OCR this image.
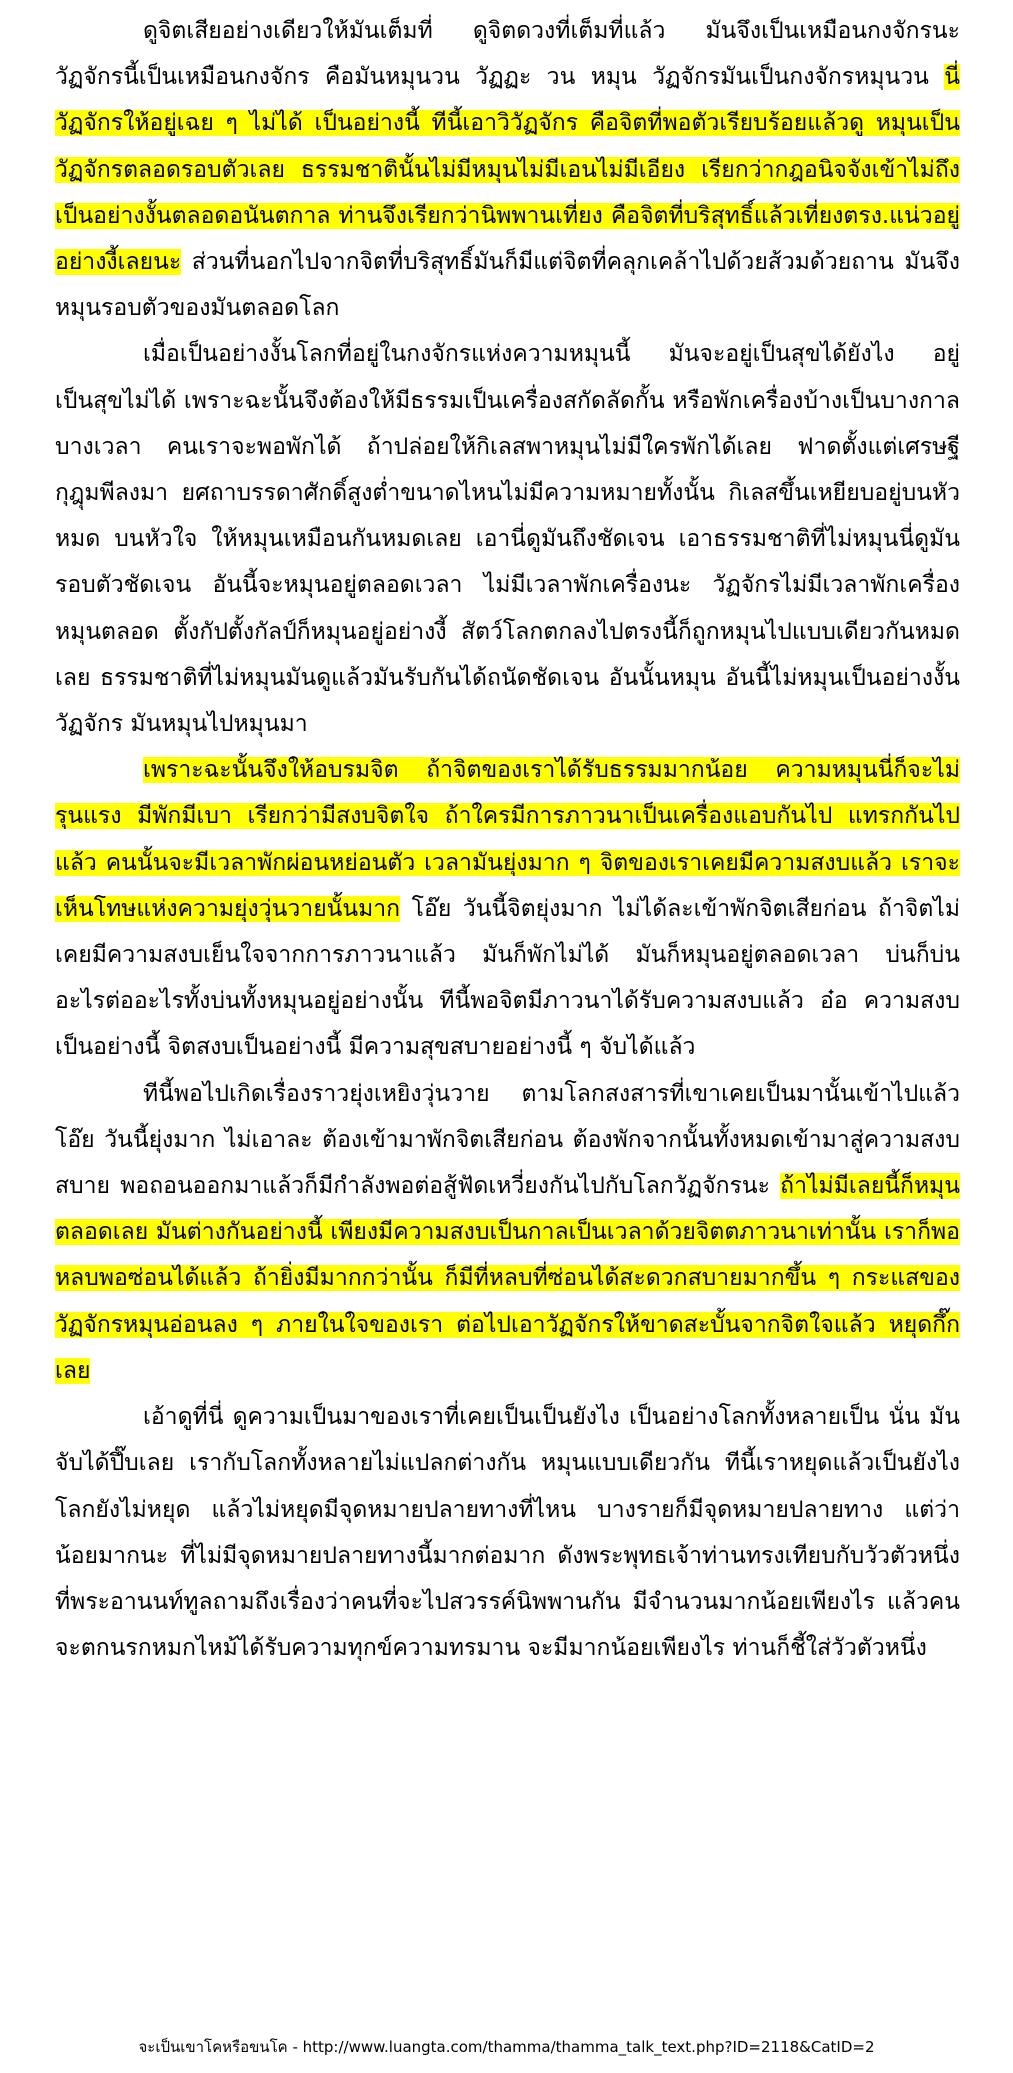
ดูจิตเสียอย่างเดียวให้มันเต็มที่ ดูจิตดวงที่เต็มที่แล้ว มันจึงเป็นเหมือนกงจักรนะ วัฏจักรนี้เป็นเหมือนกงจักร คือมันหมุนวน วัฏฏะ วน หมุน วัฏจักรมันเป็นกงจักรหมุนวน นี่วัฏจักรให้อยู่เฉย ๆ ไม่ได้ เป็นอย่างนี้ ทีนี้เอาวิวัฏจักร คือจิตที่พอตัวเรียบร้อยแล้วดู หมุนเป็นวัฏจักรตลอดรอบตัวเลย ธรรมชาตินั้นไม่มีหมุนไม่มีเอนไม่มีเอียง เรียกว่ากฎอนิจจังเข้าไม่ถึง เป็นอย่างงั้นตลอดอนันตกาล ท่านจึงเรียกว่านิพพานเที่ยง คือจิตที่บริสุทธิ์แล้วเที่ยงตรง.แน่วอยู่อย่างงี้เลยนะ ส่วนที่นอกไปจากจิตที่บริสุทธิ์มันก็มีแต่จิตที่คลุกเคล้าไปด้วยส้วมด้วยถาน มันจึงหมุนรอบตัวของมันตลอดโลก

เมื่อเป็นอย่างงั้นโลกที่อยู่ในกงจักรแห่งความหมุนนี้ มันจะอยู่เป็นสุขได้ยังไง อยู่เป็นสุขไม่ได้ เพราะฉะนั้นจึงต้องให้มีธรรมเป็นเครื่องสกัดลัดกั้น หรือพักเครื่องบ้างเป็นบางกาลบางเวลา คนเราจะพอพักได้ ถ้าปล่อยให้กิเลสพาหมุนไม่มีใครพักได้เลย ฟาดตั้งแต่เศรษฐีกุฎุมพีลงมา ยศถาบรรดาศักดิ์สูงต่ำขนาดไหนไม่มีความหมายทั้งนั้น กิเลสขึ้นเหยียบอยู่บนหัวหมด บนหัวใจ ให้หมุนเหมือนกันหมดเลย เอานี่ดูมันถึงชัดเจน เอาธรรมชาติที่ไม่หมุนนี่ดูมันรอบตัวชัดเจน อันนี้จะหมุนอยู่ตลอดเวลา ไม่มีเวลาพักเครื่องนะ วัฏจักรไม่มีเวลาพักเครื่องหมุนตลอด ตั้งกัปตั้งกัลป์ก็หมุนอยู่อย่างงี้ สัตว์โลกตกลงไปตรงนี้ก็ถูกหมุนไปแบบเดียวกันหมดเลย ธรรมชาติที่ไม่หมุนมันดูแล้วมันรับกันได้ถนัดชัดเจน อันนั้นหมุน อันนี้ไม่หมุนเป็นอย่างงั้นวัฏจักร มันหมุนไปหมุนมา

เพราะฉะนั้นจึงให้อบรมจิต ถ้าจิตของเราได้รับธรรมมากน้อย ความหมุนนี่ก็จะไม่รุนแรง มีพักมีเบา เรียกว่ามีสงบจิตใจ ถ้าใครมีการภาวนาเป็นเครื่องแอบกันไป แทรกกันไปแล้ว คนนั้นจะมีเวลาพักผ่อนหย่อนตัว เวลามันยุ่งมาก ๆ จิตของเราเคยมีความสงบแล้ว เราจะเห็นโทษแห่งความยุ่งวุ่นวายนั้นมาก โอ๊ย วันนี้จิตยุ่งมาก ไม่ได้ละเข้าพักจิตเสียก่อน ถ้าจิตไม่เคยมีความสงบเย็นใจจากการภาวนาแล้ว มันก็พักไม่ได้ มันก็หมุนอยู่ตลอดเวลา บ่นก็บ่น อะไรต่ออะไรทั้งบ่นทั้งหมุนอยู่อย่างนั้น ทีนี้พอจิตมีภาวนาได้รับความสงบแล้ว อ๋อ ความสงบเป็นอย่างนี้ จิตสงบเป็นอย่างนี้ มีความสุขสบายอย่างนี้ ๆ จับได้แล้ว

ทีนี้พอไปเกิดเรื่องราวยุ่งเหยิงวุ่นวาย ตามโลกสงสารที่เขาเคยเป็นมานั้นเข้าไปแล้ว โอ๊ย วันนี้ยุ่งมาก ไม่เอาละ ต้องเข้ามาพักจิตเสียก่อน ต้องพักจากนั้นทั้งหมดเข้ามาสู่ความสงบสบาย พอถอนออกมาแล้วก็มีกำลังพอต่อสู้ฟัดเหวี่ยงกันไปกับโลกวัฏจักรนะ ถ้าไม่มีเลยนี้ก็หมุนตลอดเลย มันต่างกันอย่างนี้ เพียงมีความสงบเป็นกาลเป็นเวลาด้วยจิตตภาวนาเท่านั้น เราก็พอหลบพอซ่อนได้แล้ว ถ้ายิ่งมีมากกว่านั้น ก็มีที่หลบที่ซ่อนได้สะดวกสบายมากขึ้น ๆ กระแสของวัฏจักรหมุนอ่อนลง ๆ ภายในใจของเรา ต่อไปเอาวัฏจักรให้ขาดสะบั้นจากจิตใจแล้ว หยุดกึ๊กเลย

เอ้าดูที่นี่ ดูความเป็นมาของเราที่เคยเป็นเป็นยังไง เป็นอย่างโลกทั้งหลายเป็น นั่น มันจับได้ปึ๊บเลย เรากับโลกทั้งหลายไม่แปลกต่างกัน หมุนแบบเดียวกัน ทีนี้เราหยุดแล้วเป็นยังไง โลกยังไม่หยุด แล้วไม่หยุดมีจุดหมายปลายทางที่ไหน บางรายก็มีจุดหมายปลายทาง แต่ว่าน้อยมากนะ ที่ไม่มีจุดหมายปลายทางนี้มากต่อมาก ดังพระพุทธเจ้าท่านทรงเทียบกับวัวตัวหนึ่ง ที่พระอานนท์ทูลถามถึงเรื่องว่าคนที่จะไปสวรรค์นิพพานกัน มีจำนวนมากน้อยเพียงไร แล้วคนจะตกนรกหมกไหม้ได้รับความทุกข์ความทรมาน จะมีมากน้อยเพียงไร ท่านก็ชี้ใส่วัวตัวหนึ่ง

จะเป็นเขาโคหรือขนโค - http://www.luangta.com/thamma/thamma_talk_text.php?ID=2118&CatID=2
